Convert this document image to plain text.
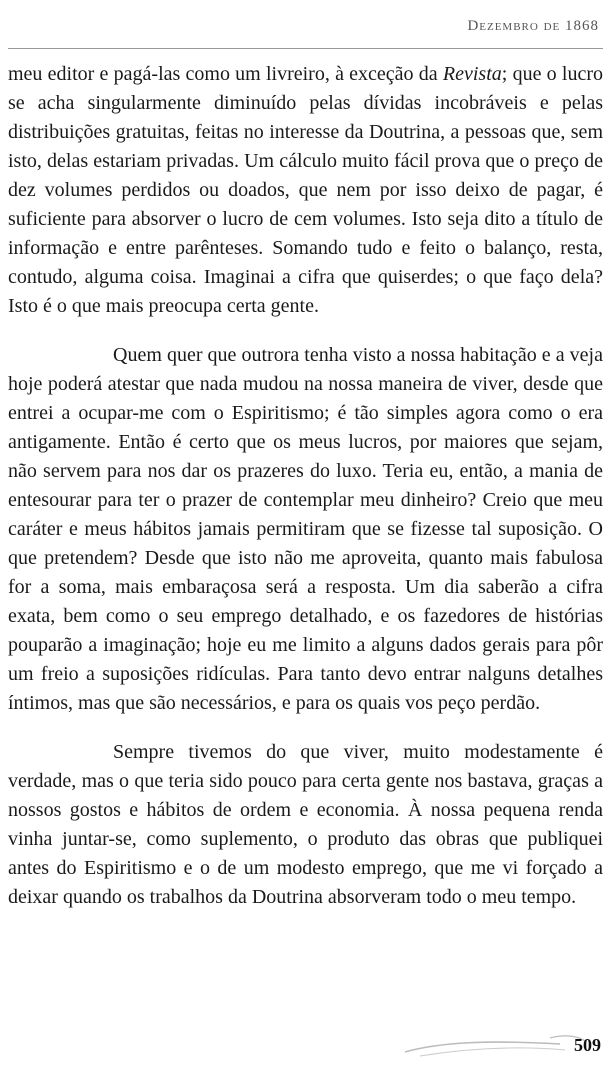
Dezembro de 1868

meu editor e pagá-las como um livreiro, à exceção da Revista; que o lucro se acha singularmente diminuído pelas dívidas incobráveis e pelas distribuições gratuitas, feitas no interesse da Doutrina, a pessoas que, sem isto, delas estariam privadas. Um cálculo muito fácil prova que o preço de dez volumes perdidos ou doados, que nem por isso deixo de pagar, é suficiente para absorver o lucro de cem volumes. Isto seja dito a título de informação e entre parênteses. Somando tudo e feito o balanço, resta, contudo, alguma coisa. Imaginai a cifra que quiserdes; o que faço dela? Isto é o que mais preocupa certa gente.

Quem quer que outrora tenha visto a nossa habitação e a veja hoje poderá atestar que nada mudou na nossa maneira de viver, desde que entrei a ocupar-me com o Espiritismo; é tão simples agora como o era antigamente. Então é certo que os meus lucros, por maiores que sejam, não servem para nos dar os prazeres do luxo. Teria eu, então, a mania de entesourar para ter o prazer de contemplar meu dinheiro? Creio que meu caráter e meus hábitos jamais permitiram que se fizesse tal suposição. O que pretendem? Desde que isto não me aproveita, quanto mais fabulosa for a soma, mais embaraçosa será a resposta. Um dia saberão a cifra exata, bem como o seu emprego detalhado, e os fazedores de histórias pouparão a imaginação; hoje eu me limito a alguns dados gerais para pôr um freio a suposições ridículas. Para tanto devo entrar nalguns detalhes íntimos, mas que são necessários, e para os quais vos peço perdão.

Sempre tivemos do que viver, muito modestamente é verdade, mas o que teria sido pouco para certa gente nos bastava, graças a nossos gostos e hábitos de ordem e economia. À nossa pequena renda vinha juntar-se, como suplemento, o produto das obras que publiquei antes do Espiritismo e o de um modesto emprego, que me vi forçado a deixar quando os trabalhos da Doutrina absorveram todo o meu tempo.

509
